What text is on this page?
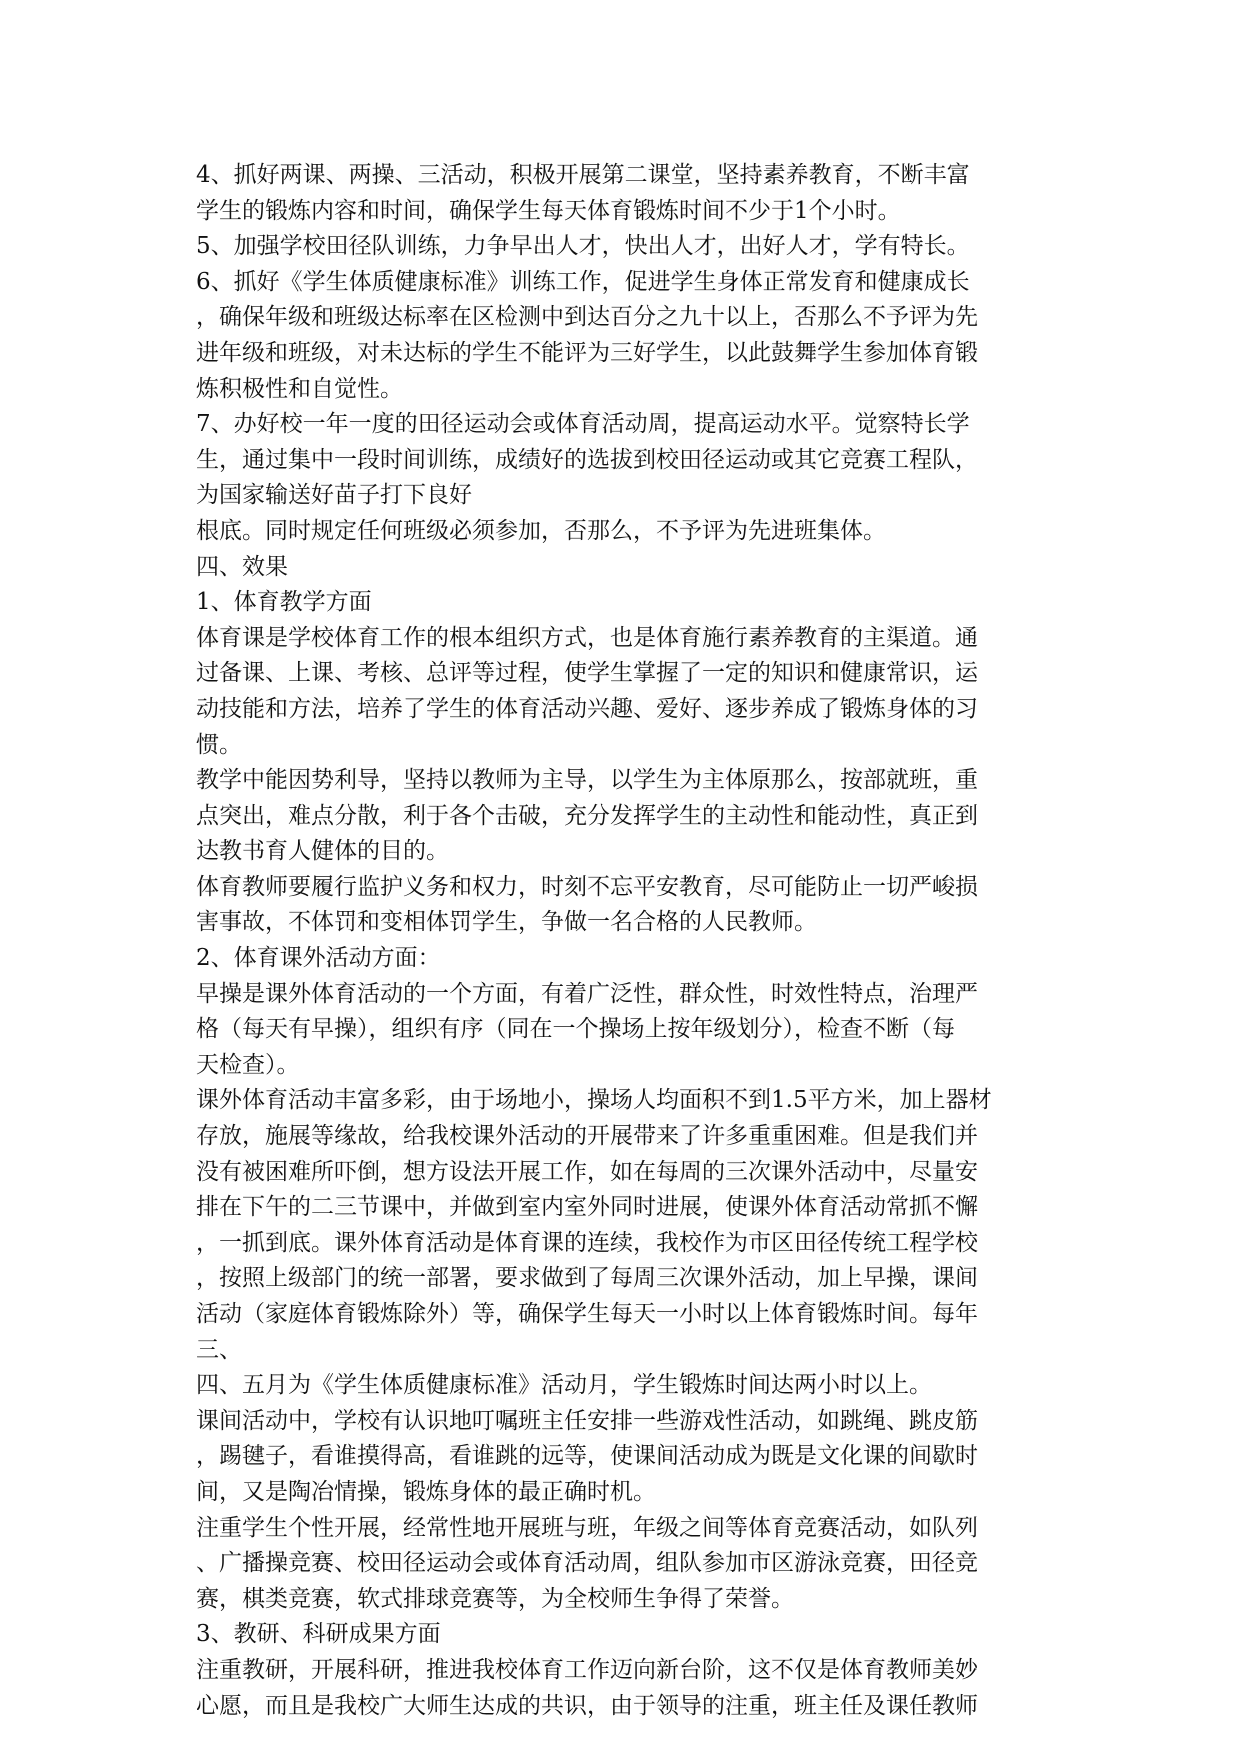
4、抓好两课、两操、三活动，积极开展第二课堂，坚持素养教育，不断丰富
学生的锻炼内容和时间，确保学生每天体育锻炼时间不少于1个小时。
5、加强学校田径队训练，力争早出人才，快出人才，出好人才，学有特长。
6、抓好《学生体质健康标准》训练工作，促进学生身体正常发育和健康成长
，确保年级和班级达标率在区检测中到达百分之九十以上，否那么不予评为先
进年级和班级，对未达标的学生不能评为三好学生，以此鼓舞学生参加体育锻
炼积极性和自觉性。
7、办好校一年一度的田径运动会或体育活动周，提高运动水平。觉察特长学
生，通过集中一段时间训练，成绩好的选拔到校田径运动或其它竞赛工程队，
为国家输送好苗子打下良好
根底。同时规定任何班级必须参加，否那么，不予评为先进班集体。
四、效果
1、体育教学方面
体育课是学校体育工作的根本组织方式，也是体育施行素养教育的主渠道。通
过备课、上课、考核、总评等过程，使学生掌握了一定的知识和健康常识，运
动技能和方法，培养了学生的体育活动兴趣、爱好、逐步养成了锻炼身体的习
惯。
教学中能因势利导，坚持以教师为主导，以学生为主体原那么，按部就班，重
点突出，难点分散，利于各个击破，充分发挥学生的主动性和能动性，真正到
达教书育人健体的目的。
体育教师要履行监护义务和权力，时刻不忘平安教育，尽可能防止一切严峻损
害事故，不体罚和变相体罚学生，争做一名合格的人民教师。
2、体育课外活动方面：
早操是课外体育活动的一个方面，有着广泛性，群众性，时效性特点，治理严
格（每天有早操），组织有序（同在一个操场上按年级划分），检查不断（每
天检查）。
课外体育活动丰富多彩，由于场地小，操场人均面积不到1.5平方米，加上器材
存放，施展等缘故，给我校课外活动的开展带来了许多重重困难。但是我们并
没有被困难所吓倒，想方设法开展工作，如在每周的三次课外活动中，尽量安
排在下午的二三节课中，并做到室内室外同时进展，使课外体育活动常抓不懈
，一抓到底。课外体育活动是体育课的连续，我校作为市区田径传统工程学校
，按照上级部门的统一部署，要求做到了每周三次课外活动，加上早操，课间
活动（家庭体育锻炼除外）等，确保学生每天一小时以上体育锻炼时间。每年
三、
四、五月为《学生体质健康标准》活动月，学生锻炼时间达两小时以上。
课间活动中，学校有认识地叮嘱班主任安排一些游戏性活动，如跳绳、跳皮筋
，踢毽子，看谁摸得高，看谁跳的远等，使课间活动成为既是文化课的间歇时
间，又是陶冶情操，锻炼身体的最正确时机。
注重学生个性开展，经常性地开展班与班，年级之间等体育竞赛活动，如队列
、广播操竞赛、校田径运动会或体育活动周，组队参加市区游泳竞赛，田径竞
赛，棋类竞赛，软式排球竞赛等，为全校师生争得了荣誉。
3、教研、科研成果方面
注重教研，开展科研，推进我校体育工作迈向新台阶，这不仅是体育教师美妙
心愿，而且是我校广大师生达成的共识，由于领导的注重，班主任及课任教师
